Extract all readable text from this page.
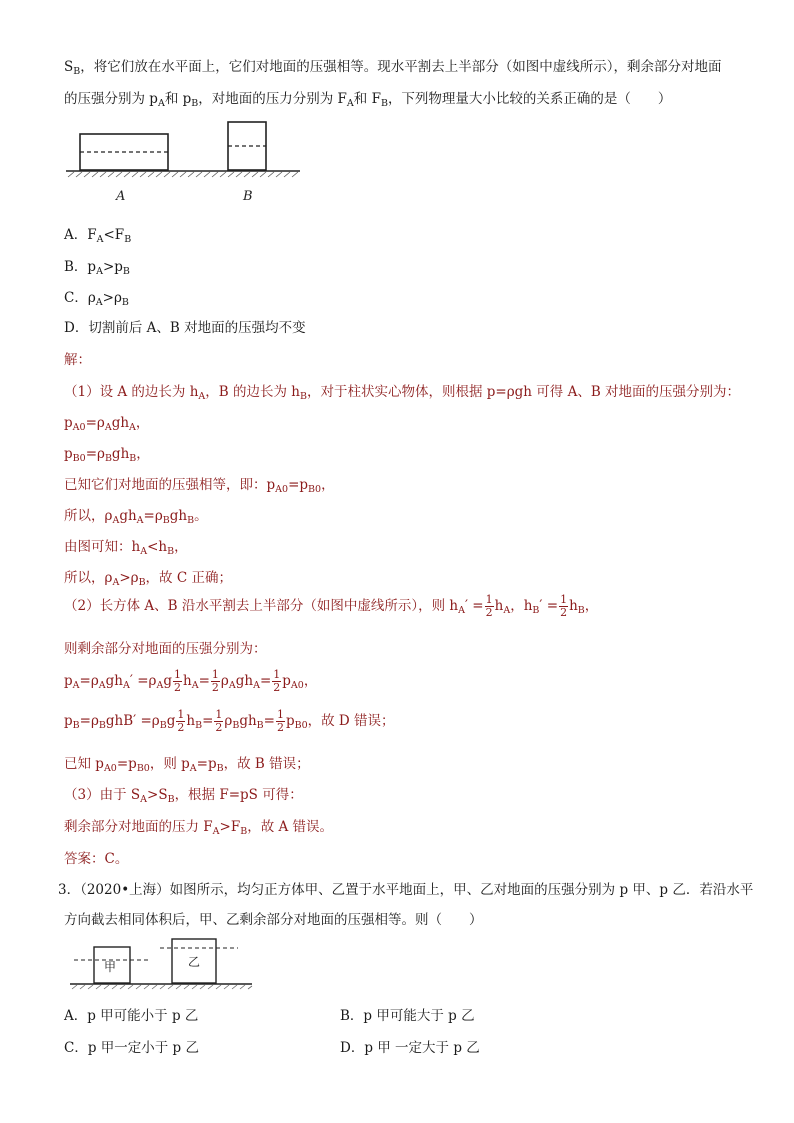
$S_B$，将它们放在水平面上，它们对地面的压强相等。现水平割去上半部分（如图中虚线所示），剩余部分对地面
的压强分别为 $p_A$和 $p_B$，对地面的压力分别为 $F_A$和 $F_B$，下列物理量大小比较的关系正确的是（　　）
A	B
A．$F_A<F_B$
B．$p_A>p_B$
C．$\rho_A>\rho_B$
D．切割前后 A、B 对地面的压强均不变
解：
（1）设 A 的边长为 $h_A$，B 的边长为 $h_B$，对于柱状实心物体，则根据 p=ρgh 可得 A、B 对地面的压强分别为：
$p_{A0}=\rho_Agh_A$，
$p_{B0}=\rho_Bgh_B$，
已知它们对地面的压强相等，即：$p_{A0}=p_{B0}$，
所以，$\rho_Agh_A=\rho_Bgh_B$。
由图可知：$h_A<h_B$，
所以，$\rho_A>\rho_B$，故 C 正确；
（2）长方体 A、B 沿水平割去上半部分（如图中虚线所示），则 $h_A' = \frac{1}{2} h_A$，$h_B' = \frac{1}{2} h_B$，
则剩余部分对地面的压强分别为：
$p_A=\rho_Agh_A' =\rho_Ag \frac{1}{2} h_A= \frac{1}{2} \rho_Agh_A= \frac{1}{2} p_{A0}$，
$p_B=\rho_BghB' =\rho_Bg \frac{1}{2} h_B= \frac{1}{2} \rho_Bgh_B= \frac{1}{2} p_{B0}$，故 D 错误；
已知 $p_{A0}=p_{B0}$，则 $p_A=p_B$，故 B 错误；
（3）由于 $S_A>S_B$，根据 F=pS 可得：
剩余部分对地面的压力 $F_A>F_B$，故 A 错误。
答案：C。
3．（2020•上海）如图所示，均匀正方体甲、乙置于水平地面上，甲、乙对地面的压强分别为 p 甲、p 乙．若沿水平
方向截去相同体积后，甲、乙剩余部分对地面的压强相等。则（　　）
甲	乙
A．p 甲可能小于 p 乙	B．p 甲可能大于 p 乙
C．p 甲一定小于 p 乙	D．p 甲 一定大于 p 乙
